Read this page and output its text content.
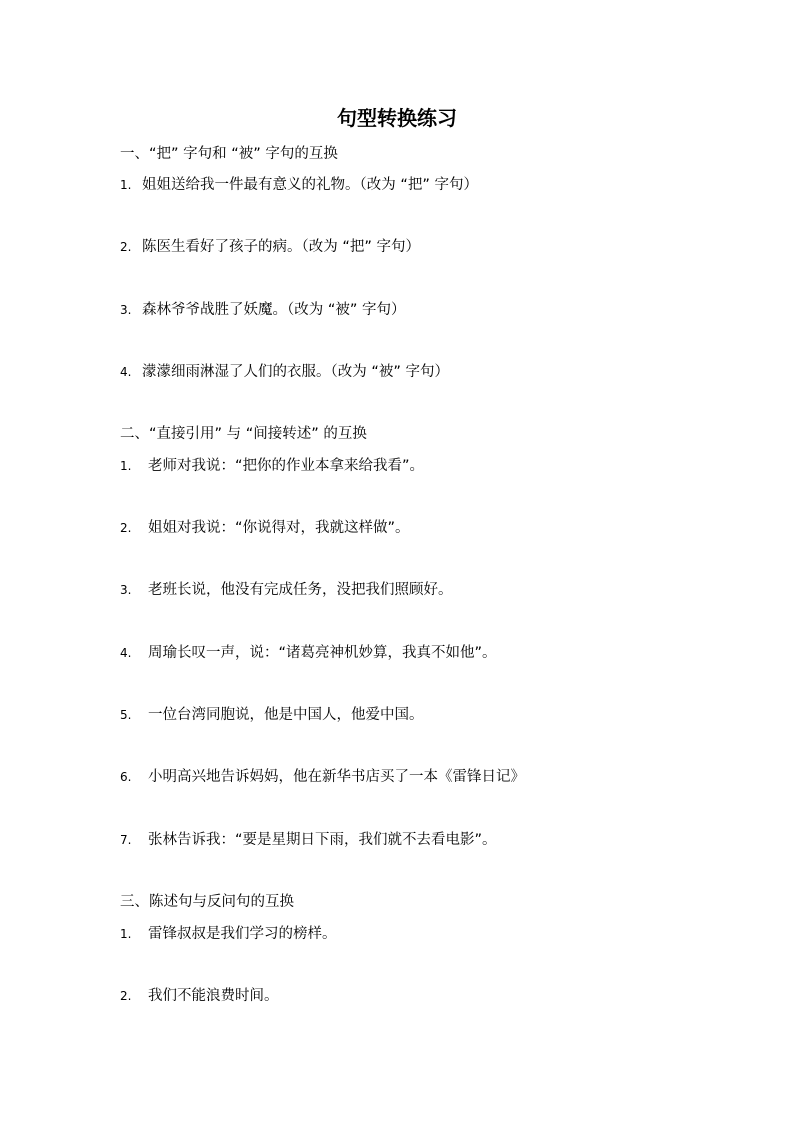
句型转换练习
一、“把” 字句和 “被” 字句的互换
1. 姐姐送给我一件最有意义的礼物。（改为 “把” 字句）
2. 陈医生看好了孩子的病。（改为 “把” 字句）
3. 森林爷爷战胜了妖魔。（改为 “被” 字句）
4. 濛濛细雨淋湿了人们的衣服。（改为 “被” 字句）
二、“直接引用” 与 “间接转述” 的互换
1. 老师对我说：“把你的作业本拿来给我看”。
2. 姐姐对我说：“你说得对，我就这样做”。
3. 老班长说，他没有完成任务，没把我们照顾好。
4. 周瑜长叹一声，说：“诸葛亮神机妙算，我真不如他”。
5. 一位台湾同胞说，他是中国人，他爱中国。
6. 小明高兴地告诉妈妈，他在新华书店买了一本《雷锋日记》
7. 张林告诉我：“要是星期日下雨，我们就不去看电影”。
三、陈述句与反问句的互换
1. 雷锋叔叔是我们学习的榜样。
2. 我们不能浪费时间。
